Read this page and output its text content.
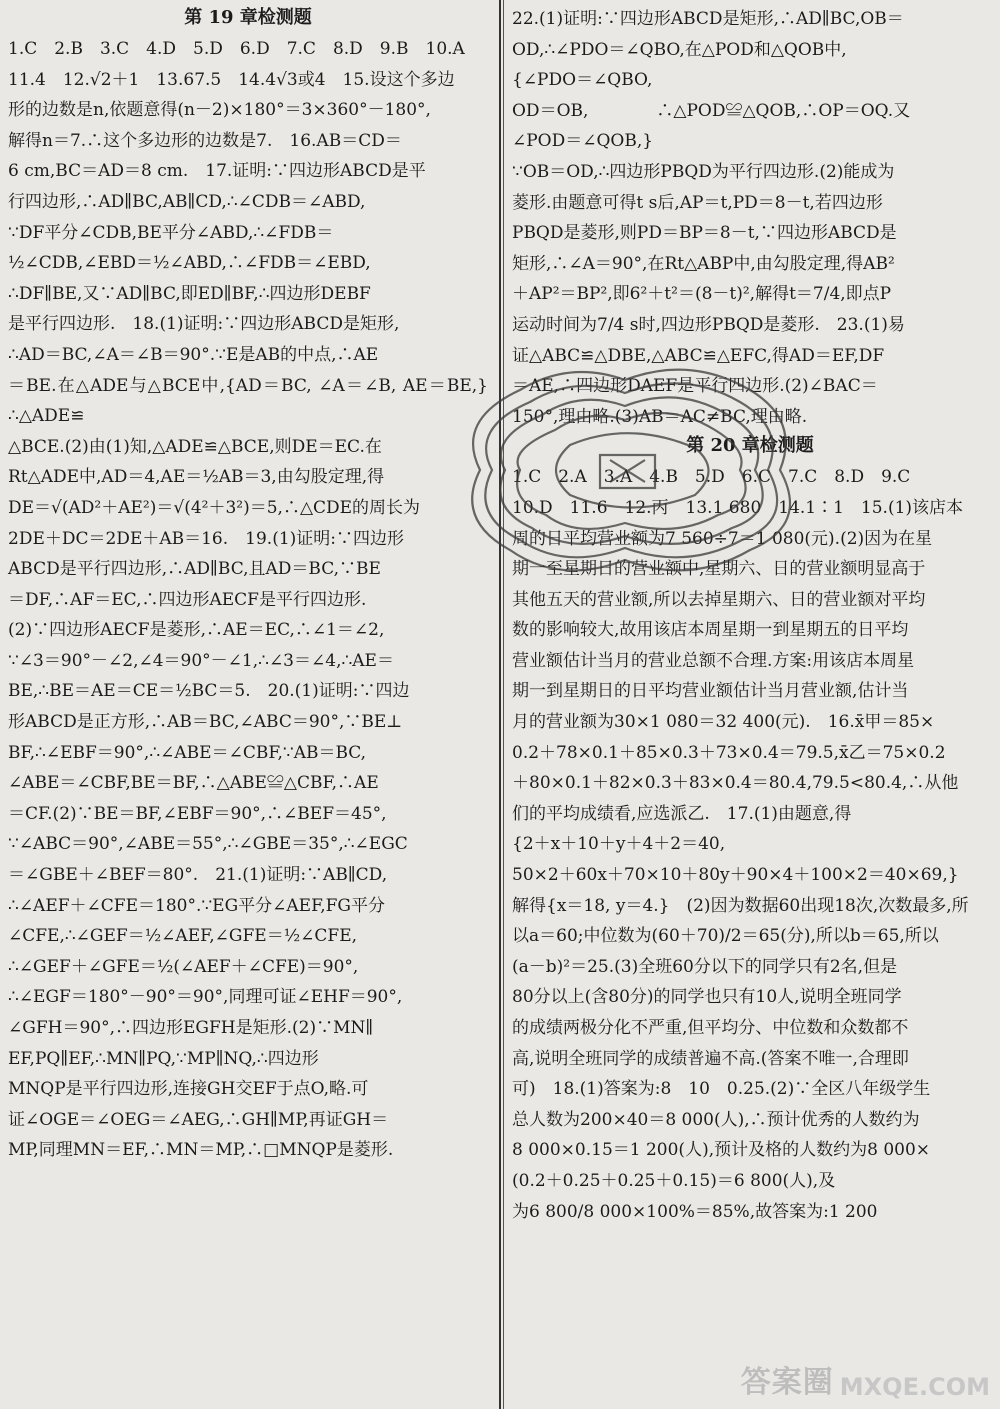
第 19 章检测题

1.C　2.B　3.C　4.D　5.D　6.D　7.C　8.D　9.B　10.A

11.4　12.√2＋1　13.67.5　14.4√3或4　15.设这个多边

形的边数是n,依题意得(n－2)×180°＝3×360°－180°,

解得n＝7.∴这个多边形的边数是7.　16.AB＝CD＝

6 cm,BC＝AD＝8 cm.　17.证明:∵四边形ABCD是平

行四边形,∴AD∥BC,AB∥CD,∴∠CDB＝∠ABD,

∵DF平分∠CDB,BE平分∠ABD,∴∠FDB＝

½∠CDB,∠EBD＝½∠ABD,∴∠FDB＝∠EBD,

∴DF∥BE,又∵AD∥BC,即ED∥BF,∴四边形DEBF

是平行四边形.　18.(1)证明:∵四边形ABCD是矩形,

∴AD＝BC,∠A＝∠B＝90°.∵E是AB的中点,∴AE

＝BE.在△ADE与△BCE中,{AD＝BC, ∠A＝∠B, AE＝BE,} ∴△ADE≌

△BCE.(2)由(1)知,△ADE≌△BCE,则DE＝EC.在

Rt△ADE中,AD＝4,AE＝½AB＝3,由勾股定理,得

DE＝√(AD²＋AE²)＝√(4²＋3²)＝5,∴△CDE的周长为

2DE＋DC＝2DE＋AB＝16.　19.(1)证明:∵四边形

ABCD是平行四边形,∴AD∥BC,且AD＝BC,∵BE

＝DF,∴AF＝EC,∴四边形AECF是平行四边形.

(2)∵四边形AECF是菱形,∴AE＝EC,∴∠1＝∠2,

∵∠3＝90°－∠2,∠4＝90°－∠1,∴∠3＝∠4,∴AE＝

BE,∴BE＝AE＝CE＝½BC＝5.　20.(1)证明:∵四边

形ABCD是正方形,∴AB＝BC,∠ABC＝90°,∵BE⊥

BF,∴∠EBF＝90°,∴∠ABE＝∠CBF,∵AB＝BC,

∠ABE＝∠CBF,BE＝BF,∴△ABE≌△CBF,∴AE

＝CF.(2)∵BE＝BF,∠EBF＝90°,∴∠BEF＝45°,

∵∠ABC＝90°,∠ABE＝55°,∴∠GBE＝35°,∴∠EGC

＝∠GBE＋∠BEF＝80°.　21.(1)证明:∵AB∥CD,

∴∠AEF＋∠CFE＝180°.∵EG平分∠AEF,FG平分

∠CFE,∴∠GEF＝½∠AEF,∠GFE＝½∠CFE,

∴∠GEF＋∠GFE＝½(∠AEF＋∠CFE)＝90°,

∴∠EGF＝180°－90°＝90°,同理可证∠EHF＝90°,

∠GFH＝90°,∴四边形EGFH是矩形.(2)∵MN∥

EF,PQ∥EF,∴MN∥PQ,∵MP∥NQ,∴四边形

MNQP是平行四边形,连接GH交EF于点O,略.可

证∠OGE＝∠OEG＝∠AEG,∴GH∥MP,再证GH＝

MP,同理MN＝EF,∴MN＝MP,∴□MNQP是菱形.

22.(1)证明:∵四边形ABCD是矩形,∴AD∥BC,OB＝

OD,∴∠PDO＝∠QBO,在△POD和△QOB中,

{∠PDO＝∠QBO,

OD＝OB,　　　　∴△POD≌△QOB,∴OP＝OQ.又

∠POD＝∠QOB,}

∵OB＝OD,∴四边形PBQD为平行四边形.(2)能成为

菱形.由题意可得t s后,AP＝t,PD＝8－t,若四边形

PBQD是菱形,则PD＝BP＝8－t,∵四边形ABCD是

矩形,∴∠A＝90°,在Rt△ABP中,由勾股定理,得AB²

＋AP²＝BP²,即6²＋t²＝(8－t)²,解得t＝7/4,即点P

运动时间为7/4 s时,四边形PBQD是菱形.　23.(1)易

证△ABC≌△DBE,△ABC≌△EFC,得AD＝EF,DF

＝AE,∴四边形DAEF是平行四边形.(2)∠BAC＝

150°,理由略.(3)AB＝AC≠BC,理由略.

第 20 章检测题

1.C　2.A　3.A　4.B　5.D　6.C　7.C　8.D　9.C

10.D　11.6　12.丙　13.1 680　14.1∶1　15.(1)该店本

周的日平均营业额为7 560÷7＝1 080(元).(2)因为在星

期一至星期日的营业额中,星期六、日的营业额明显高于

其他五天的营业额,所以去掉星期六、日的营业额对平均

数的影响较大,故用该店本周星期一到星期五的日平均

营业额估计当月的营业总额不合理.方案:用该店本周星

期一到星期日的日平均营业额估计当月营业额,估计当

月的营业额为30×1 080＝32 400(元).　16.x̄甲＝85×

0.2＋78×0.1＋85×0.3＋73×0.4＝79.5,x̄乙＝75×0.2

＋80×0.1＋82×0.3＋83×0.4＝80.4,79.5<80.4,∴从他

们的平均成绩看,应选派乙.　17.(1)由题意,得

{2＋x＋10＋y＋4＋2＝40,

50×2＋60x＋70×10＋80y＋90×4＋100×2＝40×69,}

解得{x＝18, y＝4.}　(2)因为数据60出现18次,次数最多,所

以a＝60;中位数为(60＋70)/2＝65(分),所以b＝65,所以

(a－b)²＝25.(3)全班60分以下的同学只有2名,但是

80分以上(含80分)的同学也只有10人,说明全班同学

的成绩两极分化不严重,但平均分、中位数和众数都不

高,说明全班同学的成绩普遍不高.(答案不唯一,合理即

可)　18.(1)答案为:8　10　0.25.(2)∵全区八年级学生

总人数为200×40＝8 000(人),∴预计优秀的人数约为

8 000×0.15＝1 200(人),预计及格的人数约为8 000×

(0.2＋0.25＋0.25＋0.15)＝6 800(人),及

为6 800/8 000×100%＝85%,故答案为:1 200

答案圈 MXQE.COM
